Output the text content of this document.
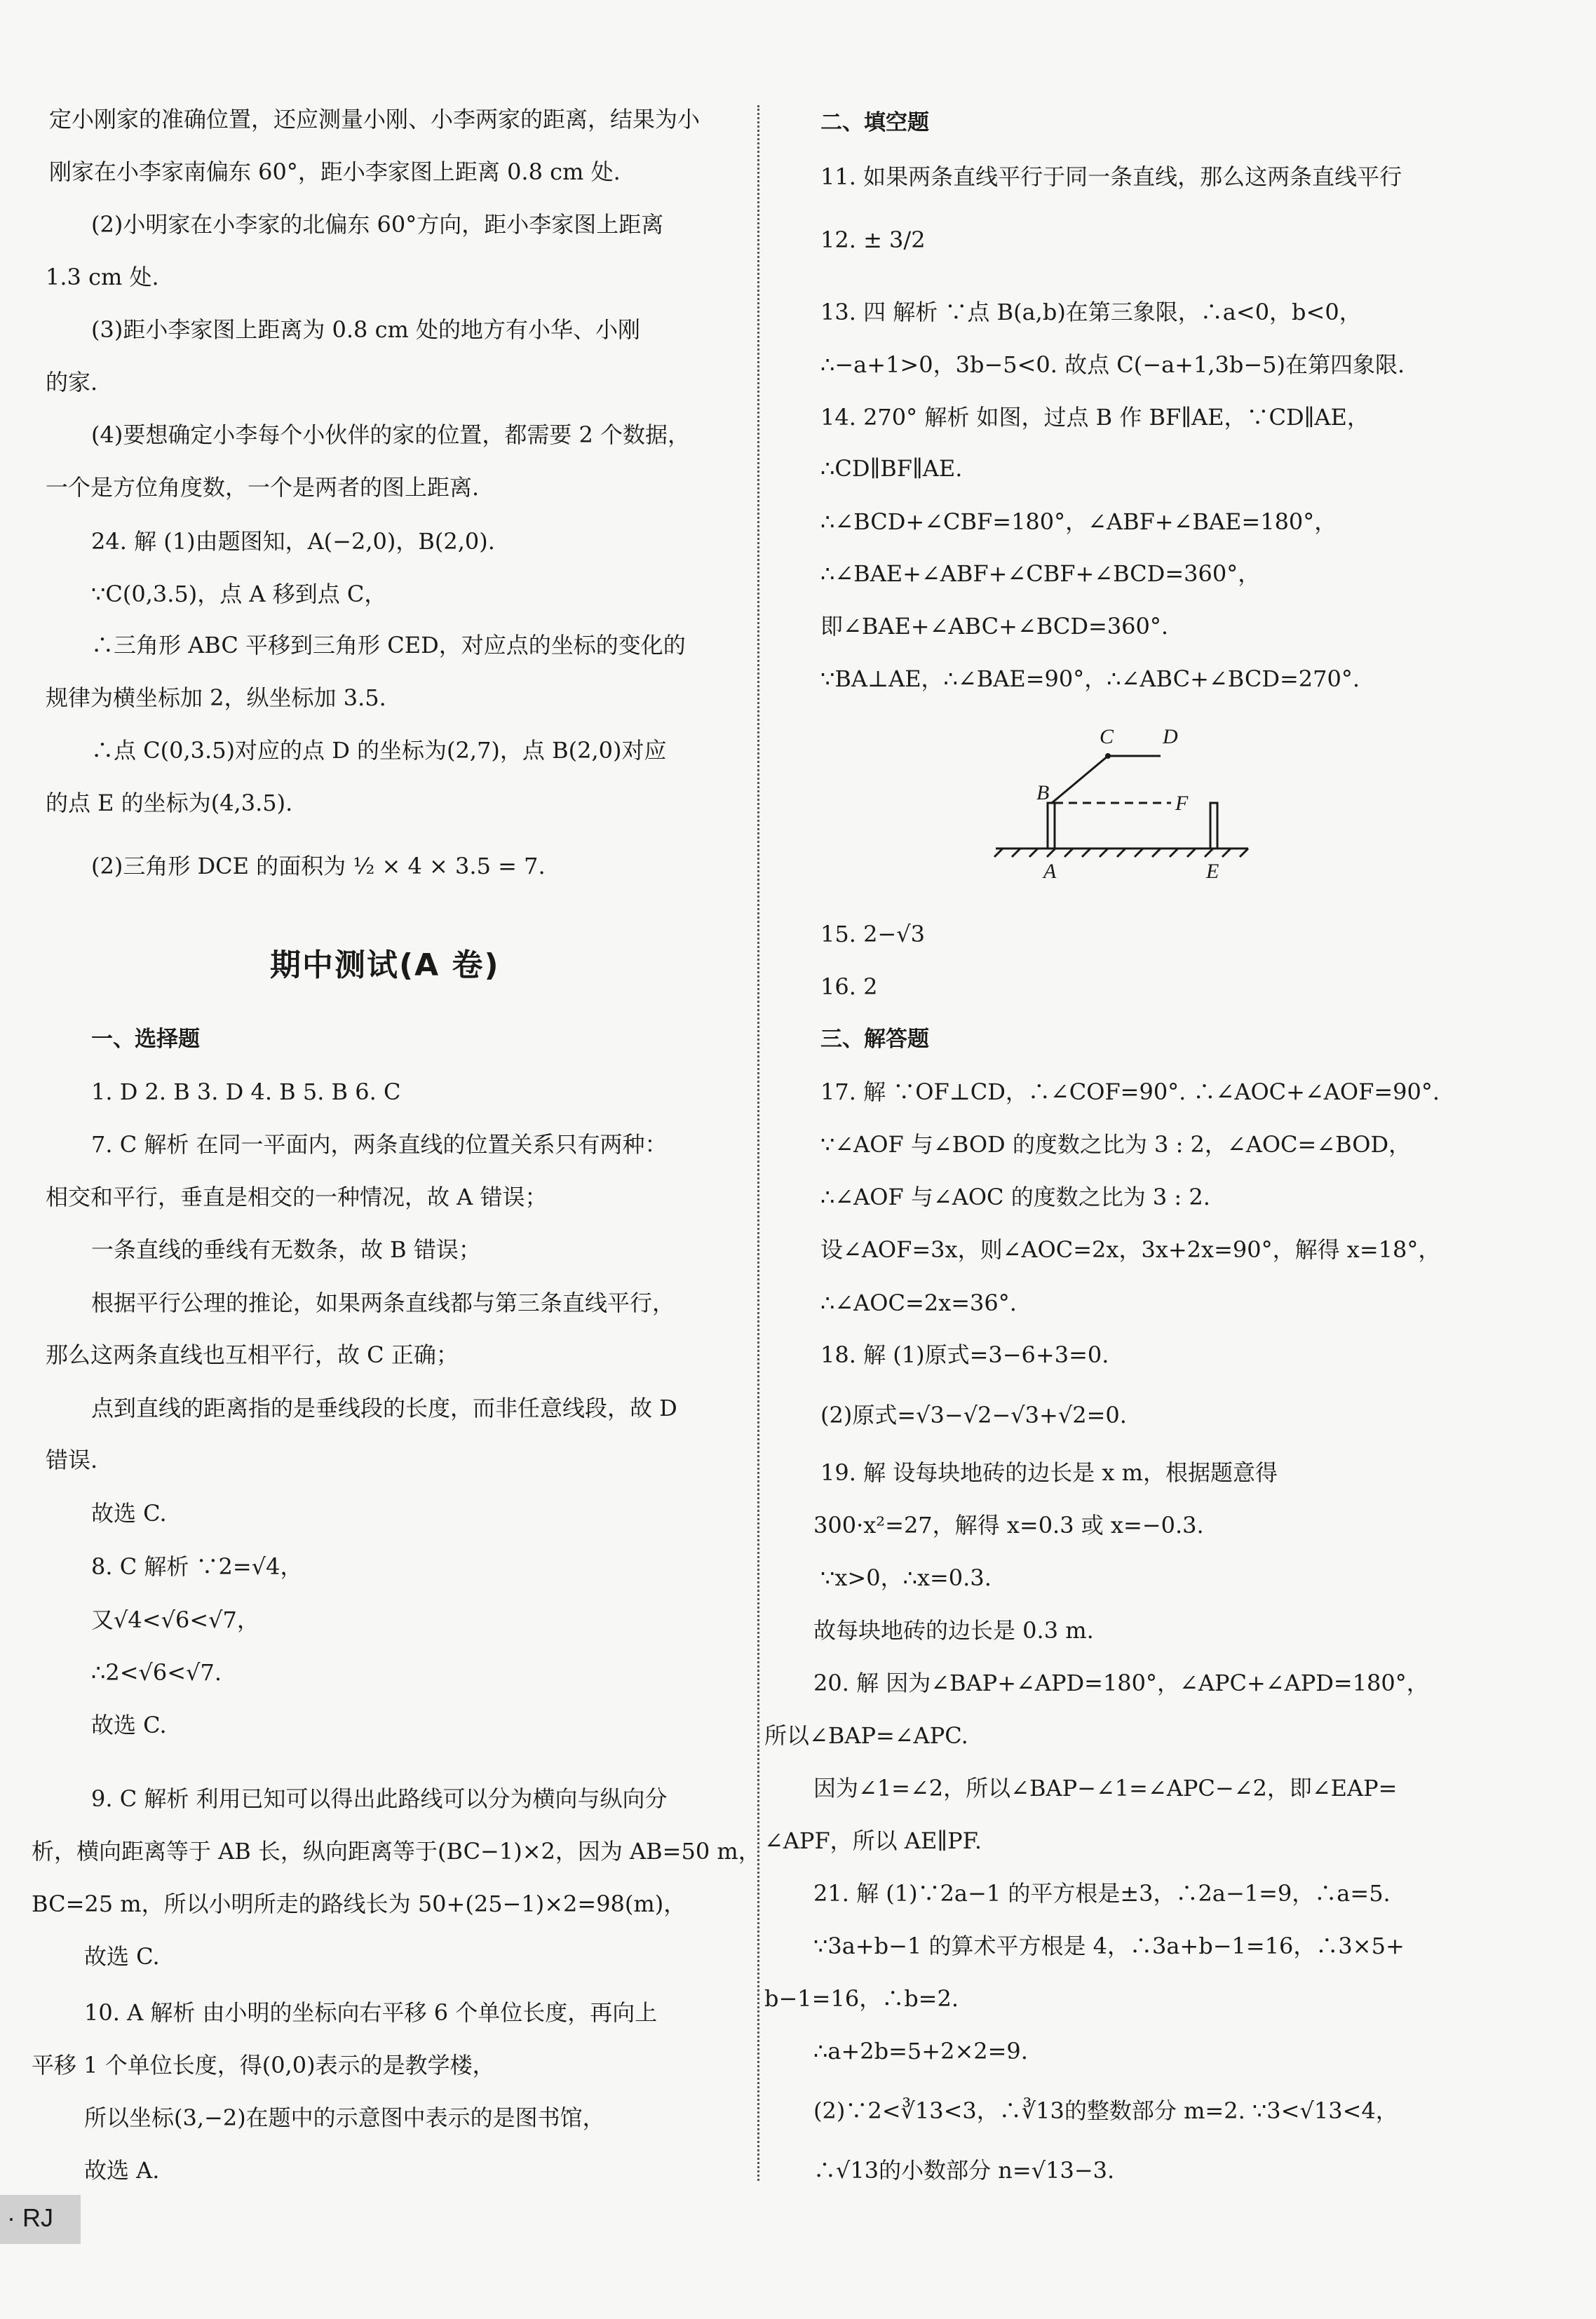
定小刚家的准确位置，还应测量小刚、小李两家的距离，结果为小
刚家在小李家南偏东 60°，距小李家图上距离 0.8 cm 处.
(2)小明家在小李家的北偏东 60°方向，距小李家图上距离
1.3 cm 处.
(3)距小李家图上距离为 0.8 cm 处的地方有小华、小刚
的家.
(4)要想确定小李每个小伙伴的家的位置，都需要 2 个数据，
一个是方位角度数，一个是两者的图上距离.
24. 解 (1)由题图知，A(−2,0)，B(2,0).
∵C(0,3.5)，点 A 移到点 C，
∴三角形 ABC 平移到三角形 CED，对应点的坐标的变化的
规律为横坐标加 2，纵坐标加 3.5.
∴点 C(0,3.5)对应的点 D 的坐标为(2,7)，点 B(2,0)对应
的点 E 的坐标为(4,3.5).
(2)三角形 DCE 的面积为 ½ × 4 × 3.5 = 7.
期中测试(A 卷)
一、选择题
1. D 2. B 3. D 4. B 5. B 6. C
7. C 解析 在同一平面内，两条直线的位置关系只有两种：
相交和平行，垂直是相交的一种情况，故 A 错误；
一条直线的垂线有无数条，故 B 错误；
根据平行公理的推论，如果两条直线都与第三条直线平行，
那么这两条直线也互相平行，故 C 正确；
点到直线的距离指的是垂线段的长度，而非任意线段，故 D
错误.
故选 C.
8. C 解析 ∵2=√4，
又√4<√6<√7，
∴2<√6<√7.
故选 C.
9. C 解析 利用已知可以得出此路线可以分为横向与纵向分
析，横向距离等于 AB 长，纵向距离等于(BC−1)×2，因为 AB=50 m，
BC=25 m，所以小明所走的路线长为 50+(25−1)×2=98(m)，
故选 C.
10. A 解析 由小明的坐标向右平移 6 个单位长度，再向上
平移 1 个单位长度，得(0,0)表示的是教学楼，
所以坐标(3,−2)在题中的示意图中表示的是图书馆，
故选 A.
二、填空题
11. 如果两条直线平行于同一条直线，那么这两条直线平行
12. ± 3/2
13. 四 解析 ∵点 B(a,b)在第三象限，∴a<0，b<0，
∴−a+1>0，3b−5<0. 故点 C(−a+1,3b−5)在第四象限.
14. 270° 解析 如图，过点 B 作 BF∥AE，∵CD∥AE，
∴CD∥BF∥AE.
∴∠BCD+∠CBF=180°，∠ABF+∠BAE=180°，
∴∠BAE+∠ABF+∠CBF+∠BCD=360°，
即∠BAE+∠ABC+∠BCD=360°.
∵BA⊥AE，∴∠BAE=90°，∴∠ABC+∠BCD=270°.
C D
B	F
A	E
15. 2−√3
16. 2
三、解答题
17. 解 ∵OF⊥CD，∴∠COF=90°. ∴∠AOC+∠AOF=90°.
∵∠AOF 与∠BOD 的度数之比为 3 : 2，∠AOC=∠BOD，
∴∠AOF 与∠AOC 的度数之比为 3 : 2.
设∠AOF=3x，则∠AOC=2x，3x+2x=90°，解得 x=18°，
∴∠AOC=2x=36°.
18. 解 (1)原式=3−6+3=0.
(2)原式=√3−√2−√3+√2=0.
19. 解 设每块地砖的边长是 x m，根据题意得
300·x²=27，解得 x=0.3 或 x=−0.3.
∵x>0，∴x=0.3.
故每块地砖的边长是 0.3 m.
20. 解 因为∠BAP+∠APD=180°，∠APC+∠APD=180°，
所以∠BAP=∠APC.
因为∠1=∠2，所以∠BAP−∠1=∠APC−∠2，即∠EAP=
∠APF，所以 AE∥PF.
21. 解 (1)∵2a−1 的平方根是±3，∴2a−1=9，∴a=5.
∵3a+b−1 的算术平方根是 4，∴3a+b−1=16，∴3×5+
b−1=16，∴b=2.
∴a+2b=5+2×2=9.
(2)∵2<∛13<3，∴∛13的整数部分 m=2. ∵3<√13<4，
∴√13的小数部分 n=√13−3.
· RJ
